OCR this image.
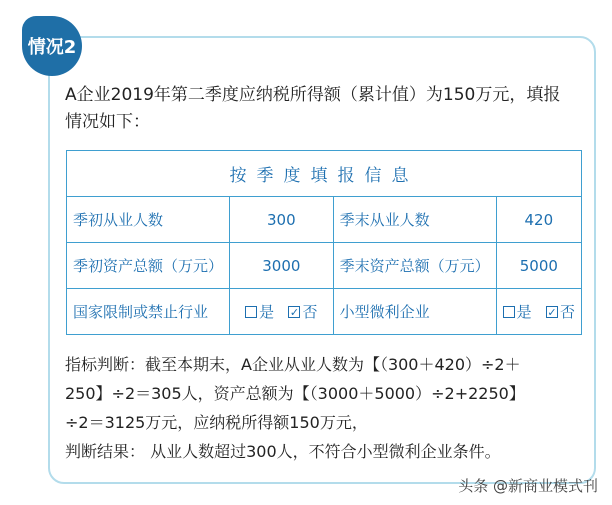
情况2
A企业2019年第二季度应纳税所得额（累计值）为150万元，填报
情况如下：
按季度填报信息			
季初从业人数	300	季末从业人数	420
季初资产总额（万元）	3000	季末资产总额（万元）	5000
国家限制或禁止行业	是 ✓ 否	小型微利企业	是 ✓ 否
指标判断：截至本期末，A企业从业人数为【（300＋420）÷2＋
250】÷2＝305人，资产总额为【（3000＋5000）÷2+2250】
÷2＝3125万元，应纳税所得额150万元，
判断结果： 从业人数超过300人，不符合小型微利企业条件。
头条 @新商业模式刊
